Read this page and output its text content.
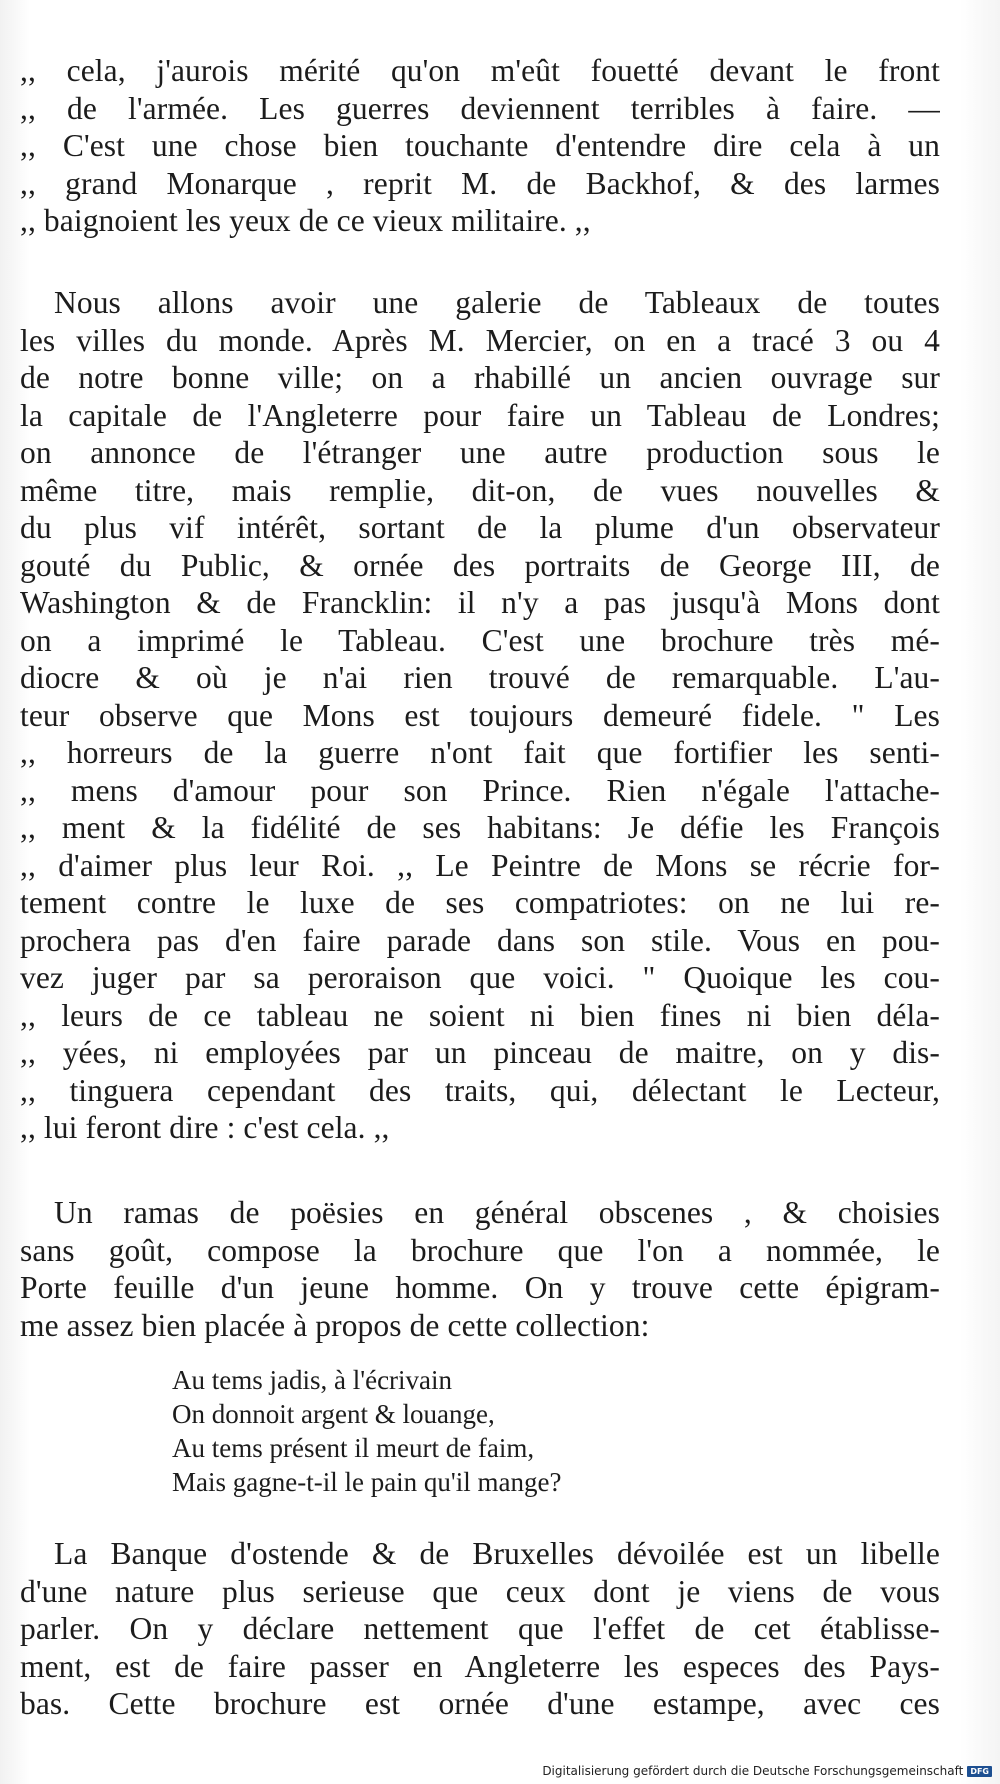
,, cela, j'aurois mérité qu'on m'eût fouetté devant le front
,, de l'armée. Les guerres deviennent terribles à faire. —
,, C'est une chose bien touchante d'entendre dire cela à un
,, grand Monarque , reprit M. de Backhof, & des larmes
,, baignoient les yeux de ce vieux militaire. ,,
Nous allons avoir une galerie de Tableaux de toutes
les villes du monde. Après M. Mercier, on en a tracé 3 ou 4
de notre bonne ville; on a rhabillé un ancien ouvrage sur
la capitale de l'Angleterre pour faire un Tableau de Londres;
on annonce de l'étranger une autre production sous le
même titre, mais remplie, dit-on, de vues nouvelles &
du plus vif intérêt, sortant de la plume d'un observateur
gouté du Public, & ornée des portraits de George III, de
Washington & de Francklin: il n'y a pas jusqu'à Mons dont
on a imprimé le Tableau. C'est une brochure très mé-
diocre & où je n'ai rien trouvé de remarquable. L'au-
teur observe que Mons est toujours demeuré fidele. " Les
,, horreurs de la guerre n'ont fait que fortifier les senti-
,, mens d'amour pour son Prince. Rien n'égale l'attache-
,, ment & la fidélité de ses habitans: Je défie les François
,, d'aimer plus leur Roi. ,, Le Peintre de Mons se récrie for-
tement contre le luxe de ses compatriotes: on ne lui re-
prochera pas d'en faire parade dans son stile. Vous en pou-
vez juger par sa peroraison que voici. " Quoique les cou-
,, leurs de ce tableau ne soient ni bien fines ni bien déla-
,, yées, ni employées par un pinceau de maitre, on y dis-
,, tinguera cependant des traits, qui, délectant le Lecteur,
,, lui feront dire : c'est cela. ,,
Un ramas de poësies en général obscenes , & choisies
sans goût, compose la brochure que l'on a nommée, le
Porte feuille d'un jeune homme. On y trouve cette épigram-
me assez bien placée à propos de cette collection:
Au tems jadis, à l'écrivain
On donnoit argent & louange,
Au tems présent il meurt de faim,
Mais gagne-t-il le pain qu'il mange?
La Banque d'ostende & de Bruxelles dévoilée est un libelle
d'une nature plus serieuse que ceux dont je viens de vous
parler. On y déclare nettement que l'effet de cet établisse-
ment, est de faire passer en Angleterre les especes des Pays-
bas. Cette brochure est ornée d'une estampe, avec ces
Digitalisierung gefördert durch die Deutsche Forschungsgemeinschaft DFG
